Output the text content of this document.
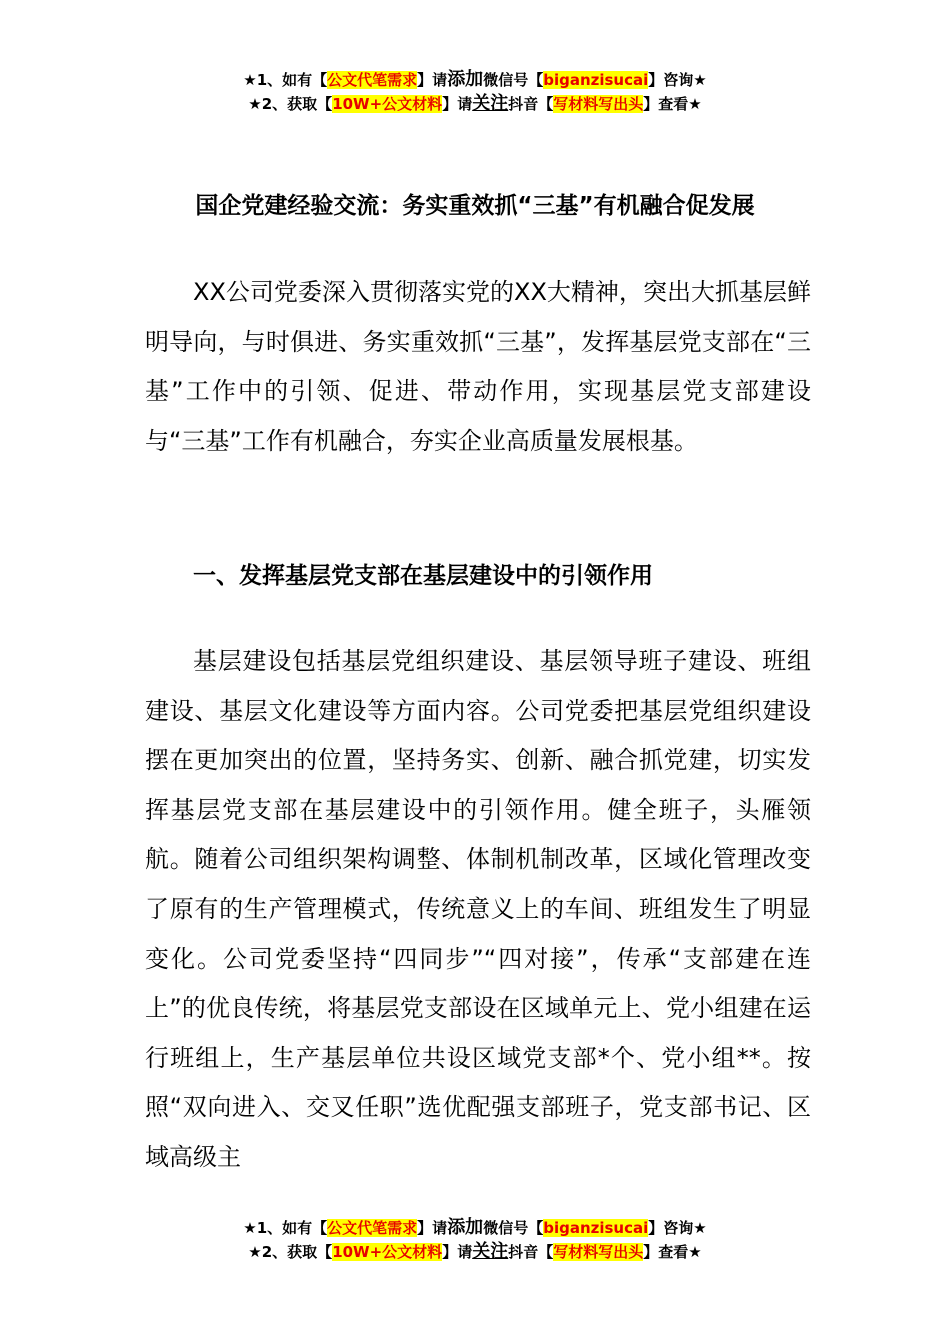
★1、如有【公文代笔需求】请添加微信号【biganzisucai】咨询★
★2、获取【10W+公文材料】请关注抖音【写材料写出头】查看★
国企党建经验交流：务实重效抓“三基”有机融合促发展

XX公司党委深入贯彻落实党的XX大精神，突出大抓基层鲜明导向，与时俱进、务实重效抓“三基”，发挥基层党支部在“三基”工作中的引领、促进、带动作用，实现基层党支部建设与“三基”工作有机融合，夯实企业高质量发展根基。

一、发挥基层党支部在基层建设中的引领作用

基层建设包括基层党组织建设、基层领导班子建设、班组建设、基层文化建设等方面内容。公司党委把基层党组织建设摆在更加突出的位置，坚持务实、创新、融合抓党建，切实发挥基层党支部在基层建设中的引领作用。健全班子，头雁领航。随着公司组织架构调整、体制机制改革，区域化管理改变了原有的生产管理模式，传统意义上的车间、班组发生了明显变化。公司党委坚持“四同步”“四对接”，传承“支部建在连上”的优良传统，将基层党支部设在区域单元上、党小组建在运行班组上，生产基层单位共设区域党支部*个、党小组**。按照“双向进入、交叉任职”选优配强支部班子，党支部书记、区域高级主

★1、如有【公文代笔需求】请添加微信号【biganzisucai】咨询★
★2、获取【10W+公文材料】请关注抖音【写材料写出头】查看★
